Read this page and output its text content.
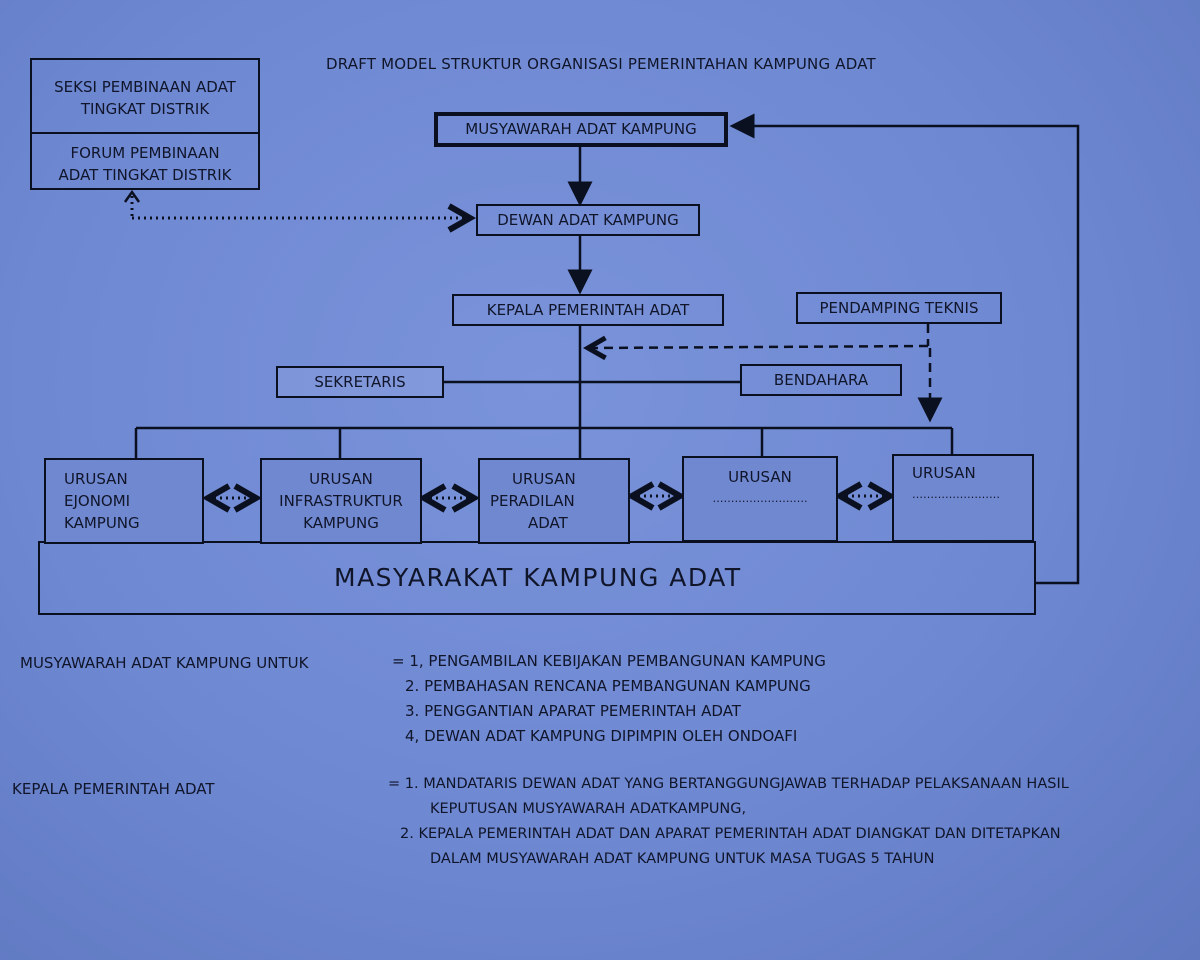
DRAFT MODEL STRUKTUR ORGANISASI PEMERINTAHAN KAMPUNG ADAT
SEKSI PEMBINAAN ADAT
TINGKAT DISTRIK
FORUM PEMBINAAN
ADAT TINGKAT DISTRIK
MUSYAWARAH ADAT KAMPUNG
DEWAN ADAT KAMPUNG
KEPALA PEMERINTAH ADAT	PENDAMPING TEKNIS
SEKRETARIS	BENDAHARA
MASYARAKAT KAMPUNG ADAT
URUSAN
EJONOMI
KAMPUNG
URUSAN
INFRASTRUKTUR
KAMPUNG
URUSAN
PERADILAN
ADAT
URUSAN
………………….….
URUSAN
……………………
MUSYAWARAH ADAT KAMPUNG UNTUK	= 1, PENGAMBILAN KEBIJAKAN PEMBANGUNAN KAMPUNG
2. PEMBAHASAN RENCANA PEMBANGUNAN KAMPUNG
3. PENGGANTIAN APARAT PEMERINTAH ADAT
4, DEWAN ADAT KAMPUNG DIPIMPIN OLEH ONDOAFI
KEPALA PEMERINTAH ADAT	= 1. MANDATARIS DEWAN ADAT YANG BERTANGGUNGJAWAB TERHADAP PELAKSANAAN HASIL
KEPUTUSAN MUSYAWARAH ADATKAMPUNG,
2. KEPALA PEMERINTAH ADAT DAN APARAT PEMERINTAH ADAT DIANGKAT DAN DITETAPKAN
DALAM MUSYAWARAH ADAT KAMPUNG UNTUK MASA TUGAS 5 TAHUN
